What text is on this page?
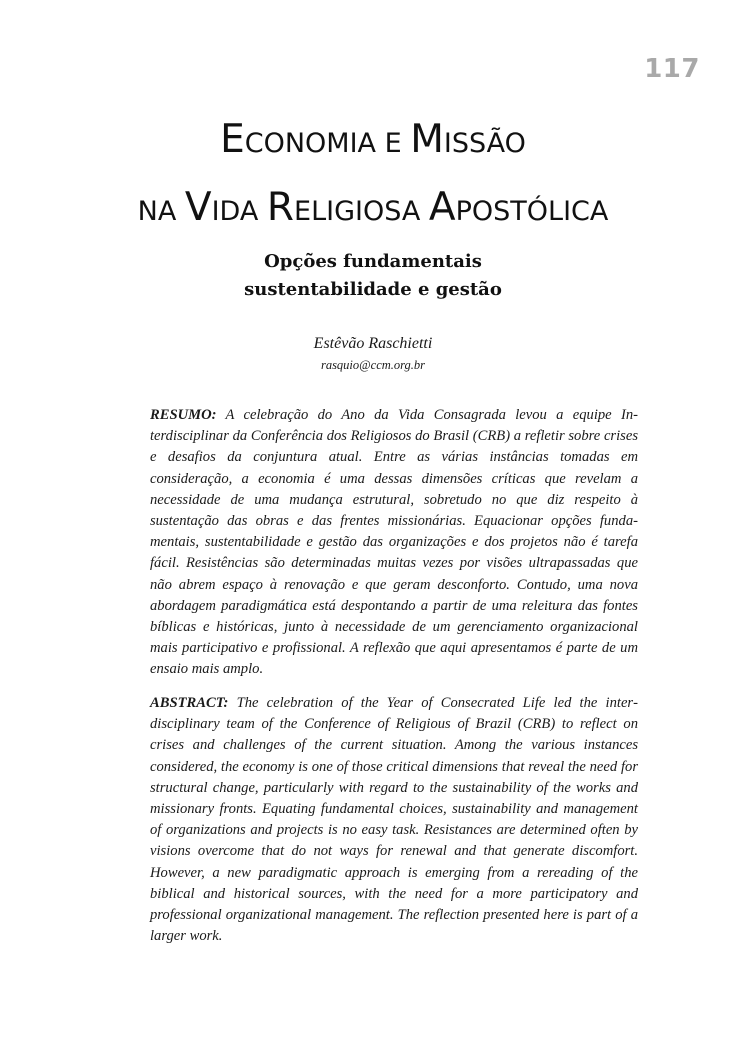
117
ECONOMIA E MISSÃO
NA VIDA RELIGIOSA APOSTÓLICA
Opções fundamentais
sustentabilidade e gestão
Estêvão Raschietti
rasquio@ccm.org.br

RESUMO: A celebração do Ano da Vida Consagrada levou a equipe Interdisciplinar da Conferência dos Religiosos do Brasil (CRB) a refletir sobre crises e desafios da conjuntura atual. Entre as várias instâncias tomadas em consideração, a economia é uma dessas dimensões críticas que revelam a necessidade de uma mudança estrutural, sobretudo no que diz respeito à sustentação das obras e das frentes missionárias. Equacionar opções fundamentais, sustentabilidade e gestão das organizações e dos projetos não é tarefa fácil. Resistências são determinadas muitas vezes por visões ultrapassadas que não abrem espaço à renovação e que geram desconforto. Contudo, uma nova abordagem paradigmática está despontando a partir de uma releitura das fontes bíblicas e históricas, junto à necessidade de um gerenciamento organizacional mais participativo e profissional. A reflexão que aqui apresentamos é parte de um ensaio mais amplo.

ABSTRACT: The celebration of the Year of Consecrated Life led the interdisciplinary team of the Conference of Religious of Brazil (CRB) to reflect on crises and challenges of the current situation. Among the various instances considered, the economy is one of those critical dimensions that reveal the need for structural change, particularly with regard to the sustainability of the works and missionary fronts. Equating fundamental choices, sustainability and management of organizations and projects is no easy task. Resistances are determined often by visions overcome that do not ways for renewal and that generate discomfort. However, a new paradigmatic approach is emerging from a rereading of the biblical and historical sources, with the need for a more participatory and professional organizational management. The reflection presented here is part of a larger work.
